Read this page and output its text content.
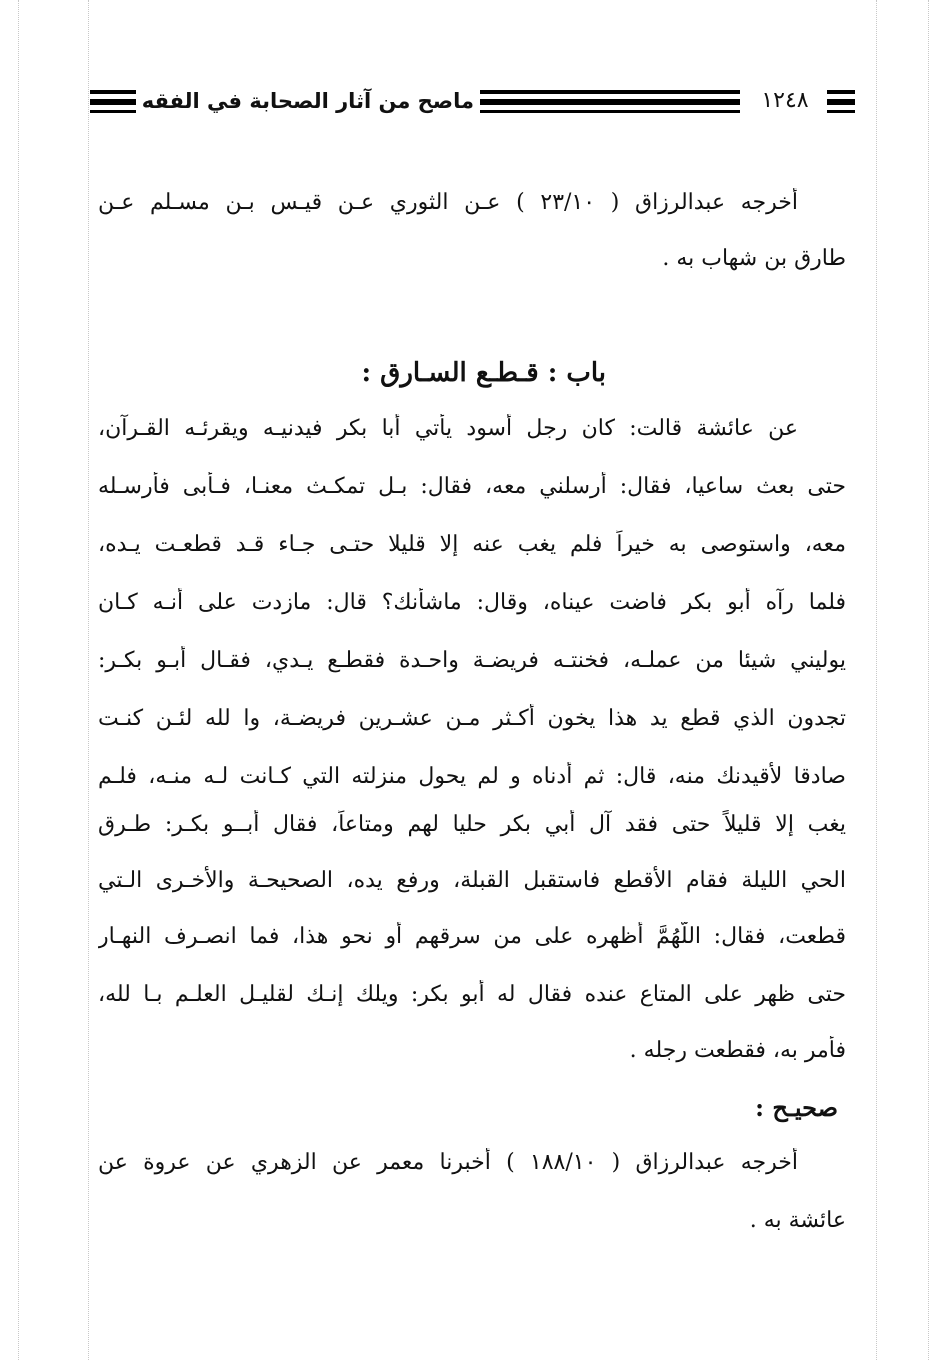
ماصح من آثار الصحابة في الفقه	١٢٤٨
أخرجه عبدالرزاق ( ٢٣/١٠ ) عـن الثوري عـن قيـس بـن مسـلم عـن
طارق بن شهاب به .
باب : قـطـع السـارق :
عن عائشة قالت: كان رجل أسود يأتي أبا بكر فيدنيـه ويقرئـه القـرآن،
حتى بعث ساعيا، فقال: أرسلني معه، فقال: بـل تمكـث معنـا، فـأبى فأرسـله
معه، واستوصى به خيراً فلم يغب عنه إلا قليلا حتـى جـاء قـد قطعـت يـده،
فلما رآه أبو بكر فاضت عيناه، وقال: ماشأنك؟ قال: مازدت على أنـه كـان
يوليني شيئا من عملـه، فخنتـه فريضـة واحـدة فقطـع يـدي، فقـال أبـو بكـر:
تجدون الذي قطع يد هذا يخون أكـثر مـن عشـرين فريضـة، وا لله لئـن كنـت
صادقا لأقيدنك منه، قال: ثم أدناه و لم يحول منزلته التي كـانت لـه منـه، فلـم
يغب إلا قليلاً حتى فقد آل أبي بكر حليا لهم ومتاعاً، فقال أبــو بكـر: طـرق
الحي الليلة فقام الأقطع فاستقبل القبلة، ورفع يده، الصحيحـة والأخـرى الـتي
قطعت، فقال: اللّهُمَّ أظهره على من سرقهم أو نحو هذا، فما انصـرف النهـار
حتى ظهر على المتاع عنده فقال له أبو بكر: ويلك إنـك لقليـل العلـم بـا لله،
فأمر به، فقطعت رجله .
صحيـح :
أخرجه عبدالرزاق ( ١٨٨/١٠ ) أخبرنا معمر عن الزهري عن عروة عن
عائشة به .
